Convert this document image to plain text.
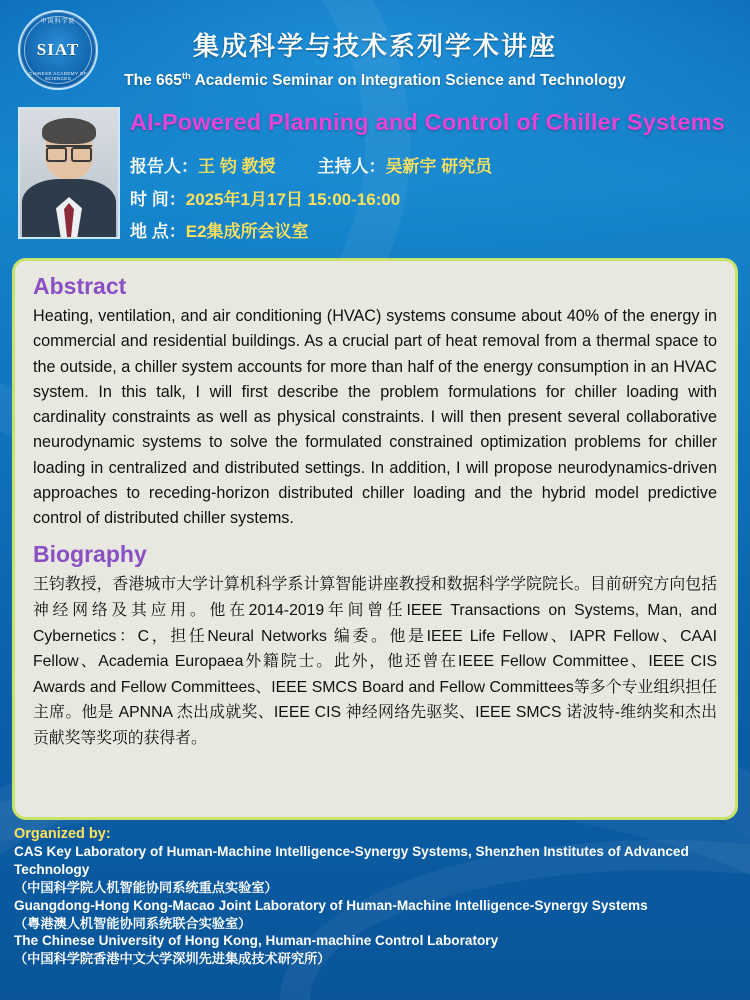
中国科学院
SIAT
CHINESE ACADEMY OF SCIENCES
集成科学与技术系列学术讲座
The 665th Academic Seminar on Integration Science and Technology
AI-Powered Planning and Control of Chiller Systems
报告人：王 钧 教授 主持人：吴新宇 研究员
时 间：2025年1月17日 15:00-16:00
地 点：E2集成所会议室
Abstract
Heating, ventilation, and air conditioning (HVAC) systems consume about 40% of the energy in commercial and residential buildings. As a crucial part of heat removal from a thermal space to the outside, a chiller system accounts for more than half of the energy consumption in an HVAC system. In this talk, I will first describe the problem formulations for chiller loading with cardinality constraints as well as physical constraints. I will then present several collaborative neurodynamic systems to solve the formulated constrained optimization problems for chiller loading in centralized and distributed settings. In addition, I will propose neurodynamics-driven approaches to receding-horizon distributed chiller loading and the hybrid model predictive control of distributed chiller systems.
Biography
王钧教授，香港城市大学计算机科学系计算智能讲座教授和数据科学学院院长。目前研究方向包括神经网络及其应用。他在2014-2019年间曾任IEEE Transactions on Systems, Man, and Cybernetics：C，担任Neural Networks 编委。他是IEEE Life Fellow、IAPR Fellow、CAAI Fellow、Academia Europaea外籍院士。此外，他还曾在IEEE Fellow Committee、IEEE CIS Awards and Fellow Committees、IEEE SMCS Board and Fellow Committees等多个专业组织担任主席。他是 APNNA 杰出成就奖、IEEE CIS 神经网络先驱奖、IEEE SMCS 诺波特-维纳奖和杰出贡献奖等奖项的获得者。
Organized by:
CAS Key Laboratory of Human-Machine Intelligence-Synergy Systems, Shenzhen Institutes of Advanced Technology
（中国科学院人机智能协同系统重点实验室）
Guangdong-Hong Kong-Macao Joint Laboratory of Human-Machine Intelligence-Synergy Systems
（粤港澳人机智能协同系统联合实验室）
The Chinese University of Hong Kong, Human-machine Control Laboratory
（中国科学院香港中文大学深圳先进集成技术研究所）
